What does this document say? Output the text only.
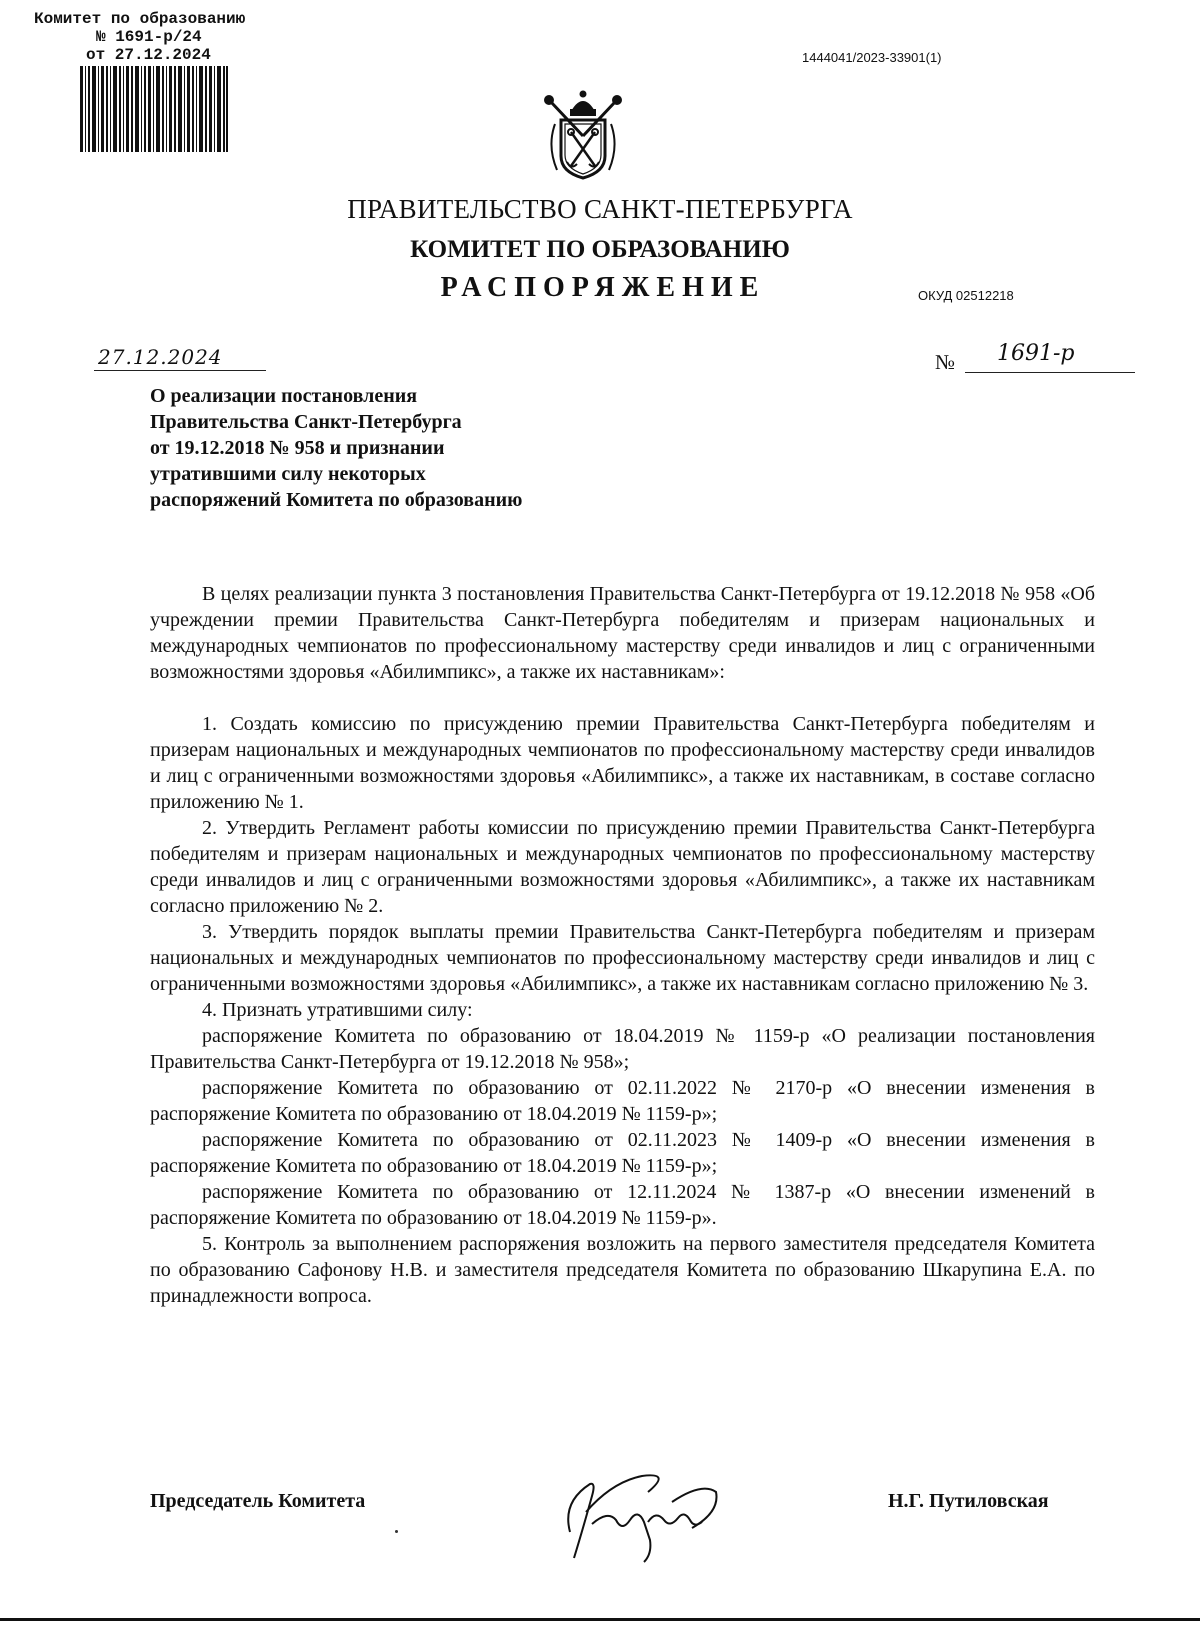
Комитет по образованию
№ 1691-р/24
от 27.12.2024	1444041/2023-33901(1)
ПРАВИТЕЛЬСТВО САНКТ-ПЕТЕРБУРГА
КОМИТЕТ ПО ОБРАЗОВАНИЮ
РАСПОРЯЖЕНИЕ	ОКУД 02512218
27.12.2024	№ 1691-р
О реализации постановления
Правительства Санкт-Петербурга
от 19.12.2018 № 958 и признании
утратившими силу некоторых
распоряжений Комитета по образованию

В целях реализации пункта 3 постановления Правительства Санкт-Петербурга от 19.12.2018 № 958 «Об учреждении премии Правительства Санкт-Петербурга победителям и призерам национальных и международных чемпионатов по профессиональному мастерству среди инвалидов и лиц с ограниченными возможностями здоровья «Абилимпикс», а также их наставникам»:

1. Создать комиссию по присуждению премии Правительства Санкт-Петербурга победителям и призерам национальных и международных чемпионатов по профессиональному мастерству среди инвалидов и лиц с ограниченными возможностями здоровья «Абилимпикс», а также их наставникам, в составе согласно приложению № 1.

2. Утвердить Регламент работы комиссии по присуждению премии Правительства Санкт-Петербурга победителям и призерам национальных и международных чемпионатов по профессиональному мастерству среди инвалидов и лиц с ограниченными возможностями здоровья «Абилимпикс», а также их наставникам согласно приложению № 2.

3. Утвердить порядок выплаты премии Правительства Санкт-Петербурга победителям и призерам национальных и международных чемпионатов по профессиональному мастерству среди инвалидов и лиц с ограниченными возможностями здоровья «Абилимпикс», а также их наставникам согласно приложению № 3.

4. Признать утратившими силу:

распоряжение Комитета по образованию от 18.04.2019 № 1159-р «О реализации постановления Правительства Санкт-Петербурга от 19.12.2018 № 958»;

распоряжение Комитета по образованию от 02.11.2022 № 2170-р «О внесении изменения в распоряжение Комитета по образованию от 18.04.2019 № 1159-р»;

распоряжение Комитета по образованию от 02.11.2023 № 1409-р «О внесении изменения в распоряжение Комитета по образованию от 18.04.2019 № 1159-р»;

распоряжение Комитета по образованию от 12.11.2024 № 1387-р «О внесении изменений в распоряжение Комитета по образованию от 18.04.2019 № 1159-р».

5. Контроль за выполнением распоряжения возложить на первого заместителя председателя Комитета по образованию Сафонову Н.В. и заместителя председателя Комитета по образованию Шкарупина Е.А. по принадлежности вопроса.

Председатель Комитета	Н.Г. Путиловская
